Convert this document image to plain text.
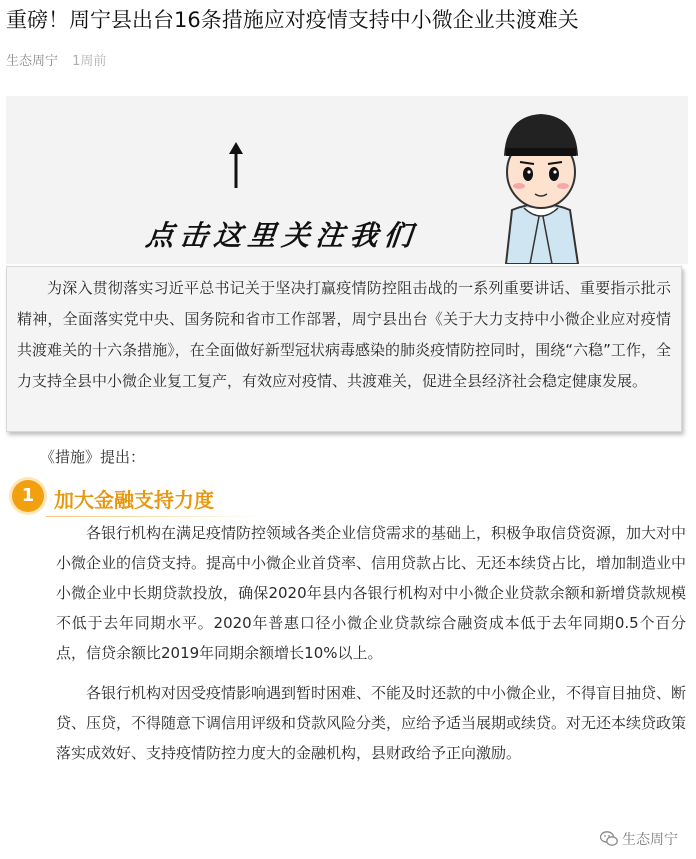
重磅！周宁县出台16条措施应对疫情支持中小微企业共渡难关
生态周宁 1周前
点击这里关注我们

为深入贯彻落实习近平总书记关于坚决打赢疫情防控阻击战的一系列重要讲话、重要指示批示精神，全面落实党中央、国务院和省市工作部署，周宁县出台《关于大力支持中小微企业应对疫情共渡难关的十六条措施》，在全面做好新型冠状病毒感染的肺炎疫情防控同时，围绕“六稳”工作，全力支持全县中小微企业复工复产，有效应对疫情、共渡难关，促进全县经济社会稳定健康发展。

《措施》提出：
1 加大金融支持力度

各银行机构在满足疫情防控领域各类企业信贷需求的基础上，积极争取信贷资源，加大对中小微企业的信贷支持。提高中小微企业首贷率、信用贷款占比、无还本续贷占比，增加制造业中小微企业中长期贷款投放，确保2020年县内各银行机构对中小微企业贷款余额和新增贷款规模不低于去年同期水平。2020年普惠口径小微企业贷款综合融资成本低于去年同期0.5个百分点，信贷余额比2019年同期余额增长10%以上。

各银行机构对因受疫情影响遇到暂时困难、不能及时还款的中小微企业，不得盲目抽贷、断贷、压贷，不得随意下调信用评级和贷款风险分类，应给予适当展期或续贷。对无还本续贷政策落实成效好、支持疫情防控力度大的金融机构，县财政给予正向激励。

生态周宁
